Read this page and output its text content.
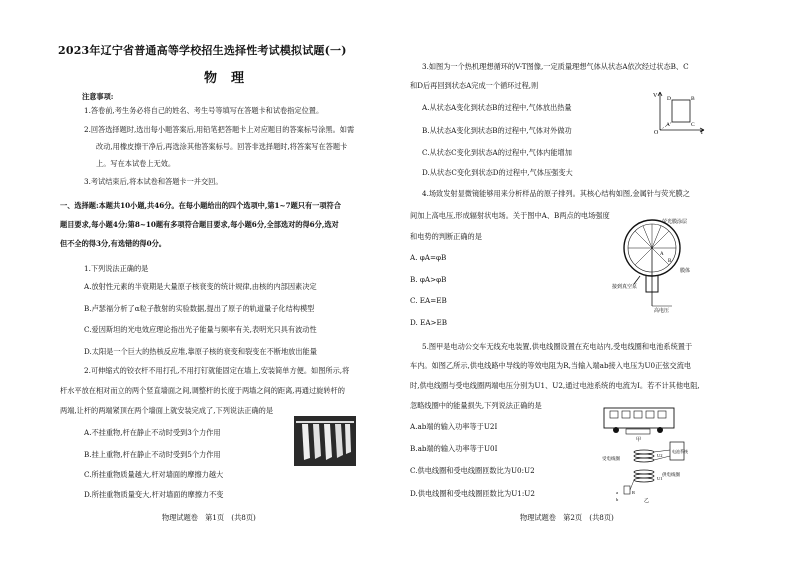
2023年辽宁省普通高等学校招生选择性考试模拟试题(一)
物理
注意事项:
1.答卷前,考生务必将自己的姓名、考生号等填写在答题卡和试卷指定位置。
2.回答选择题时,选出每小题答案后,用铅笔把答题卡上对应题目的答案标号涂黑。如需
改动,用橡皮擦干净后,再选涂其他答案标号。回答非选择题时,将答案写在答题卡
上。写在本试卷上无效。
3.考试结束后,将本试卷和答题卡一并交回。
一、选择题:本题共10小题,共46分。在每小题给出的四个选项中,第1~7题只有一项符合
题目要求,每小题4分;第8~10题有多项符合题目要求,每小题6分,全部选对的得6分,选对
但不全的得3分,有选错的得0分。
1.下列说法正确的是
A.放射性元素的半衰期是大量原子核衰变的统计规律,由核的内部因素决定
B.卢瑟福分析了α粒子散射的实验数据,提出了原子的轨道量子化结构模型
C.爱因斯坦的光电效应理论指出光子能量与频率有关,表明光只具有波动性
D.太阳是一个巨大的热核反应堆,靠原子核的衰变和裂变在不断地放出能量
2.可伸缩式的铰衣杆不用打孔,不用打钉就能固定在墙上,安装简单方便。如图所示,将
杆水平放在相对而立的两个竖直墙面之间,调整杆的长度于两墙之间的距离,再通过旋转杆的
两端,让杆的两端紧顶在两个墙面上就安装完成了,下列说法正确的是
A.不挂重物,杆在静止不动时受到3个力作用
B.挂上重物,杆在静止不动时受到5个力作用
C.所挂重物质量越大,杆对墙面的摩擦力越大
D.所挂重物质量变大,杆对墙面的摩擦力不变
物理试题卷　第1页　(共8页)
3.如图为一个热机理想循环的V-T图像,一定质量理想气体从状态A依次经过状态B、C
和D后再回到状态A完成一个循环过程,则
A.从状态A变化到状态B的过程中,气体放出热量
B.从状态A变化到状态B的过程中,气体对外做功
C.从状态C变化到状态A的过程中,气体内能增加
D.从状态C变化到状态D的过程中,气体压强变大
V
T
O
A
D	B
C
4.场致发射显微镜能够用来分析样品的原子排列。其核心结构如图,金属针与荧光膜之
间加上高电压,形成辐射状电场。关于图中A、B两点的电场强度
和电势的判断正确的是
A. φA=φB
B. φA>φB
C. EA=EB
D. EA>EB
荧光膜涂层
接到真空泵
膜体
高电压
A
B
5.图甲是电动公交车无线充电装置,供电线圈设置在充电站内,受电线圈和电池系统置于
车内。如图乙所示,供电线路中导线的等效电阻为R,当输入端ab接入电压为U0正弦交流电
时,供电线圈与受电线圈两端电压分别为U1、U2,通过电池系统的电流为I。若不计其他电阻,
忽略线圈中的能量损失,下列说法正确的是
A.ab端的输入功率等于U2I
B.ab端的输入功率等于U0I
C.供电线圈和受电线圈匝数比为U0:U2
D.供电线圈和受电线圈匝数比为U1:U2
甲
电池系统
受电线圈
供电线圈
U2
U1
R
a
b	乙
物理试题卷　第2页　(共8页)
